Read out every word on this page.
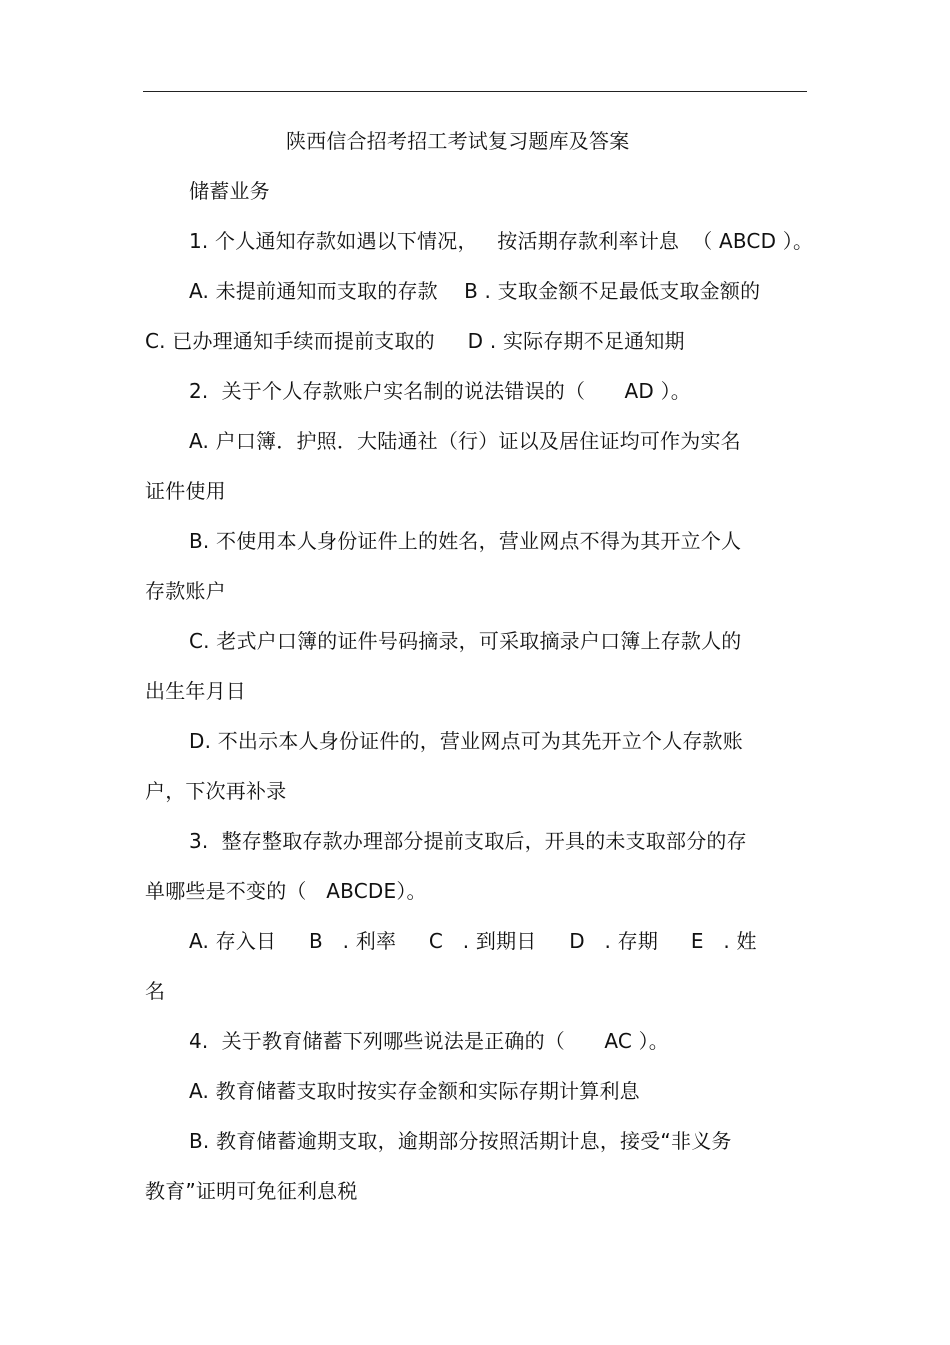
陕西信合招考招工考试复习题库及答案
储蓄业务
1. 个人通知存款如遇以下情况，   按活期存款利率计息  （ ABCD ）。
A. 未提前通知而支取的存款    B . 支取金额不足最低支取金额的
C. 已办理通知手续而提前支取的     D . 实际存期不足通知期
2.  关于个人存款账户实名制的说法错误的（      AD ）。
A. 户口簿．护照．大陆通社（行）证以及居住证均可作为实名
证件使用
B. 不使用本人身份证件上的姓名，营业网点不得为其开立个人
存款账户
C. 老式户口簿的证件号码摘录，可采取摘录户口簿上存款人的
出生年月日
D. 不出示本人身份证件的，营业网点可为其先开立个人存款账
户，下次再补录
3.  整存整取存款办理部分提前支取后，开具的未支取部分的存
单哪些是不变的（   ABCDE）。
A. 存入日     B   . 利率     C   . 到期日     D   . 存期     E   . 姓
名
4.  关于教育储蓄下列哪些说法是正确的（      AC ）。
A. 教育储蓄支取时按实存金额和实际存期计算利息
B. 教育储蓄逾期支取，逾期部分按照活期计息，接受“非义务
教育”证明可免征利息税
